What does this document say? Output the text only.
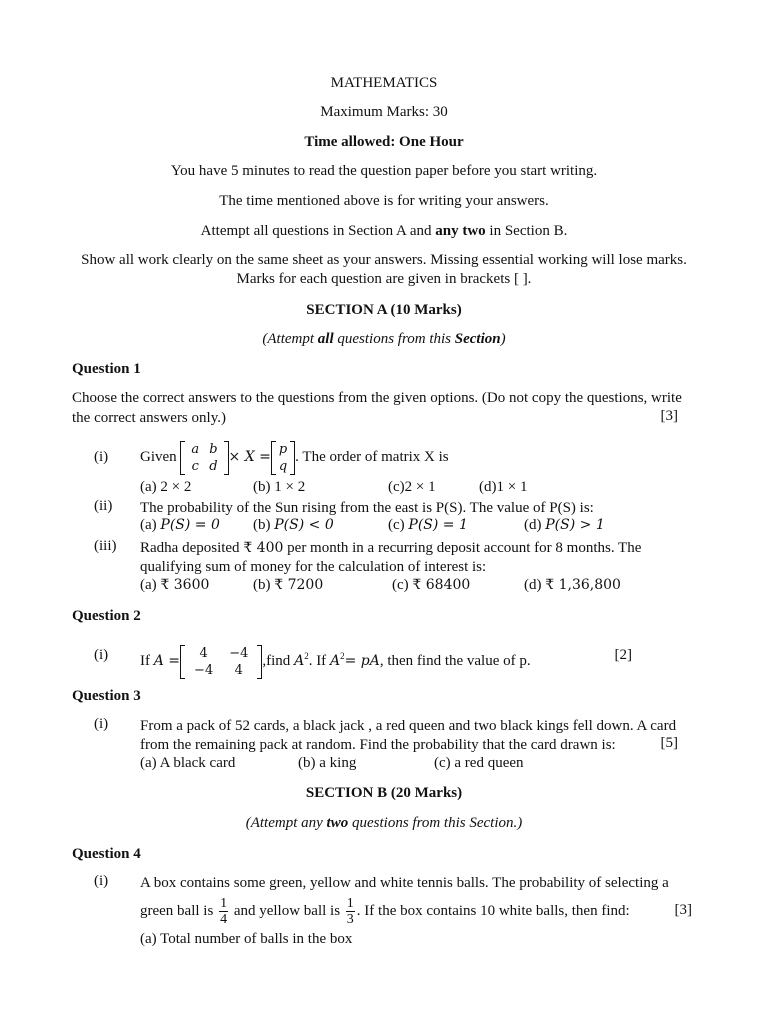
MATHEMATICS
Maximum Marks: 30
Time allowed: One Hour
You have 5 minutes to read the question paper before you start writing.
The time mentioned above is for writing your answers.
Attempt all questions in Section A and any two in Section B.
Show all work clearly on the same sheet as your answers. Missing essential working will lose marks.
Marks for each question are given in brackets [ ].
SECTION A (10 Marks)
(Attempt all questions from this Section)
Question 1
Choose the correct answers to the questions from the given options. (Do not copy the questions, write
the correct answers only.)	[3]
(i) Given a	b
c	d
× X = p
q
. The order of matrix X is
(a) 2 × 2	(b) 1 × 2	(c)2 × 1	(d)1 × 1
(ii) The probability of the Sun rising from the east is P(S). The value of P(S) is:
(a) P(S) = 0 (b) P(S) < 0	(c) P(S) = 1	(d) P(S) > 1
(iii) Radha deposited ₹ 400 per month in a recurring deposit account for 8 months. The
qualifying sum of money for the calculation of interest is:
(a) ₹ 3600	(b) ₹ 7200	(c) ₹ 68400	(d) ₹ 1,36,800
Question 2
(i) If A = 4	−4
−4	4
,find $A^2$. If $A^2=$ pA, then find the value of p.	[2]
Question 3
(i) From a pack of 52 cards, a black jack , a red queen and two black kings fell down. A card
from the remaining pack at random. Find the probability that the card drawn is:	[5]
(a) A black card	(b) a king	(c) a red queen
SECTION B (20 Marks)
(Attempt any two questions from this Section.)
Question 4
(i) A box contains some green, yellow and white tennis balls. The probability of selecting a
green ball is $\frac{1}{4}$ and yellow ball is $\frac{1}{3}$ . If the box contains 10 white balls, then find:	[3]
(a) Total number of balls in the box
